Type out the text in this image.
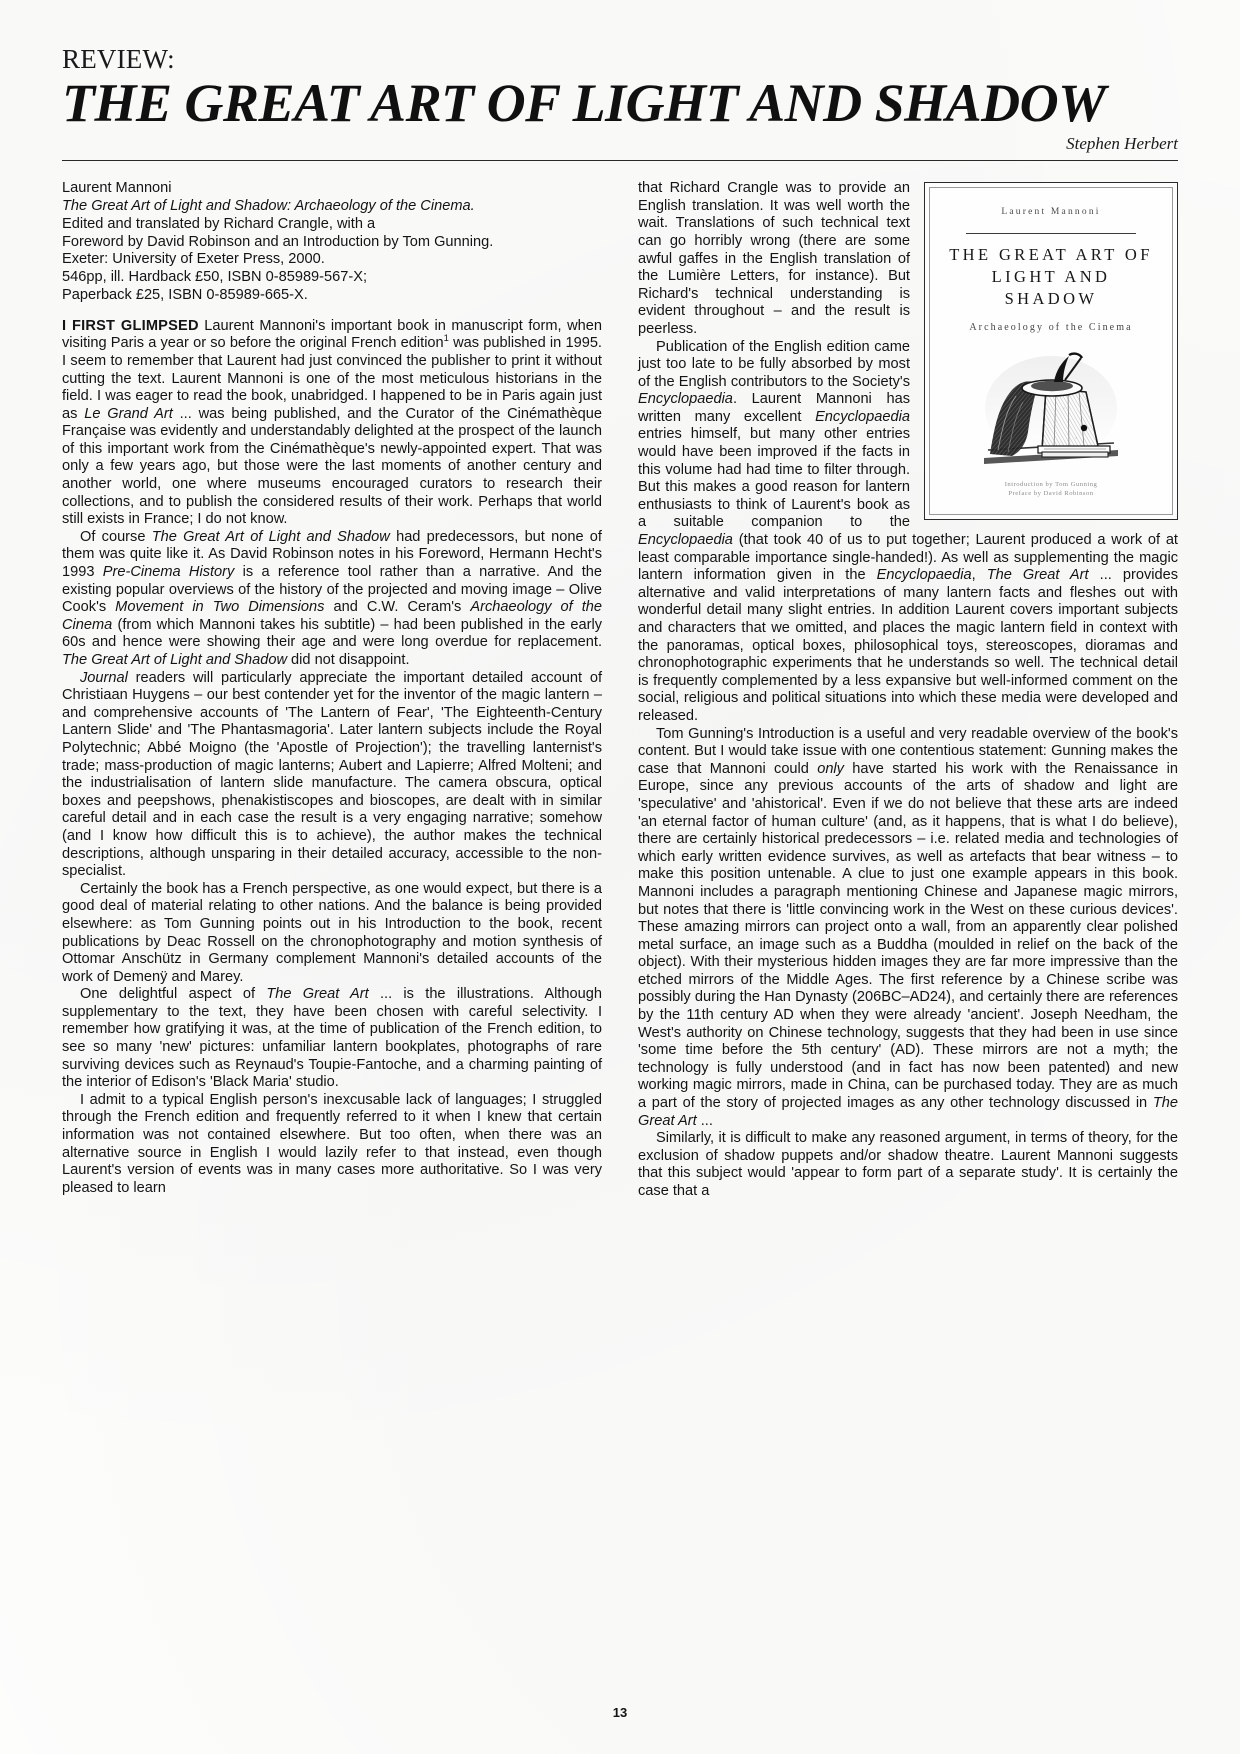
REVIEW:
THE GREAT ART OF LIGHT AND SHADOW
Stephen Herbert

Laurent Mannoni

The Great Art of Light and Shadow: Archaeology of the Cinema.

Edited and translated by Richard Crangle, with a

Foreword by David Robinson and an Introduction by Tom Gunning.

Exeter: University of Exeter Press, 2000.

546pp, ill. Hardback £50, ISBN 0-85989-567-X;

Paperback £25, ISBN 0-85989-665-X.

I FIRST GLIMPSED Laurent Mannoni's important book in manuscript form, when visiting Paris a year or so before the original French edition$^1$ was published in 1995. I seem to remember that Laurent had just convinced the publisher to print it without cutting the text. Laurent Mannoni is one of the most meticulous historians in the field. I was eager to read the book, unabridged. I happened to be in Paris again just as Le Grand Art ... was being published, and the Curator of the Cinémathèque Française was evidently and understandably delighted at the prospect of the launch of this important work from the Cinémathèque's newly-appointed expert. That was only a few years ago, but those were the last moments of another century and another world, one where museums encouraged curators to research their collections, and to publish the considered results of their work. Perhaps that world still exists in France; I do not know.

Of course The Great Art of Light and Shadow had predecessors, but none of them was quite like it. As David Robinson notes in his Foreword, Hermann Hecht's 1993 Pre-Cinema History is a reference tool rather than a narrative. And the existing popular overviews of the history of the projected and moving image – Olive Cook's Movement in Two Dimensions and C.W. Ceram's Archaeology of the Cinema (from which Mannoni takes his subtitle) – had been published in the early 60s and hence were showing their age and were long overdue for replacement. The Great Art of Light and Shadow did not disappoint.

Journal readers will particularly appreciate the important detailed account of Christiaan Huygens – our best contender yet for the inventor of the magic lantern – and comprehensive accounts of 'The Lantern of Fear', 'The Eighteenth-Century Lantern Slide' and 'The Phantasmagoria'. Later lantern subjects include the Royal Polytechnic; Abbé Moigno (the 'Apostle of Projection'); the travelling lanternist's trade; mass-production of magic lanterns; Aubert and Lapierre; Alfred Molteni; and the industrialisation of lantern slide manufacture. The camera obscura, optical boxes and peepshows, phenakistiscopes and bioscopes, are dealt with in similar careful detail and in each case the result is a very engaging narrative; somehow (and I know how difficult this is to achieve), the author makes the technical descriptions, although unsparing in their detailed accuracy, accessible to the non-specialist.

Certainly the book has a French perspective, as one would expect, but there is a good deal of material relating to other nations. And the balance is being provided elsewhere: as Tom Gunning points out in his Introduction to the book, recent publications by Deac Rossell on the chronophotography and motion synthesis of Ottomar Anschütz in Germany complement Mannoni's detailed accounts of the work of Demenÿ and Marey.

One delightful aspect of The Great Art ... is the illustrations. Although supplementary to the text, they have been chosen with careful selectivity. I remember how gratifying it was, at the time of publication of the French edition, to see so many 'new' pictures: unfamiliar lantern bookplates, photographs of rare surviving devices such as Reynaud's Toupie-Fantoche, and a charming painting of the interior of Edison's 'Black Maria' studio.

I admit to a typical English person's inexcusable lack of languages; I struggled through the French edition and frequently referred to it when I knew that certain information was not contained elsewhere. But too often, when there was an alternative source in English I would lazily refer to that instead, even though Laurent's version of events was in many cases more authoritative. So I was very pleased to learn

Laurent Mannoni
THE GREAT ART OF
LIGHT AND SHADOW
Archaeology of the Cinema
Introduction by Tom Gunning
Preface by David Robinson

that Richard Crangle was to provide an English translation. It was well worth the wait. Translations of such technical text can go horribly wrong (there are some awful gaffes in the English translation of the Lumière Letters, for instance). But Richard's technical understanding is evident throughout – and the result is peerless.

Publication of the English edition came just too late to be fully absorbed by most of the English contributors to the Society's Encyclopaedia. Laurent Mannoni has written many excellent Encyclopaedia entries himself, but many other entries would have been improved if the facts in this volume had had time to filter through. But this makes a good reason for lantern enthusiasts to think of Laurent's book as a suitable companion to the Encyclopaedia (that took 40 of us to put together; Laurent produced a work of at least comparable importance single-handed!). As well as supplementing the magic lantern information given in the Encyclopaedia, The Great Art ... provides alternative and valid interpretations of many lantern facts and fleshes out with wonderful detail many slight entries. In addition Laurent covers important subjects and characters that we omitted, and places the magic lantern field in context with the panoramas, optical boxes, philosophical toys, stereoscopes, dioramas and chronophotographic experiments that he understands so well. The technical detail is frequently complemented by a less expansive but well-informed comment on the social, religious and political situations into which these media were developed and released.

Tom Gunning's Introduction is a useful and very readable overview of the book's content. But I would take issue with one contentious statement: Gunning makes the case that Mannoni could only have started his work with the Renaissance in Europe, since any previous accounts of the arts of shadow and light are 'speculative' and 'ahistorical'. Even if we do not believe that these arts are indeed 'an eternal factor of human culture' (and, as it happens, that is what I do believe), there are certainly historical predecessors – i.e. related media and technologies of which early written evidence survives, as well as artefacts that bear witness – to make this position untenable. A clue to just one example appears in this book. Mannoni includes a paragraph mentioning Chinese and Japanese magic mirrors, but notes that there is 'little convincing work in the West on these curious devices'. These amazing mirrors can project onto a wall, from an apparently clear polished metal surface, an image such as a Buddha (moulded in relief on the back of the object). With their mysterious hidden images they are far more impressive than the etched mirrors of the Middle Ages. The first reference by a Chinese scribe was possibly during the Han Dynasty (206BC–AD24), and certainly there are references by the 11th century AD when they were already 'ancient'. Joseph Needham, the West's authority on Chinese technology, suggests that they had been in use since 'some time before the 5th century' (AD). These mirrors are not a myth; the technology is fully understood (and in fact has now been patented) and new working magic mirrors, made in China, can be purchased today. They are as much a part of the story of projected images as any other technology discussed in The Great Art ...

Similarly, it is difficult to make any reasoned argument, in terms of theory, for the exclusion of shadow puppets and/or shadow theatre. Laurent Mannoni suggests that this subject would 'appear to form part of a separate study'. It is certainly the case that a

13
